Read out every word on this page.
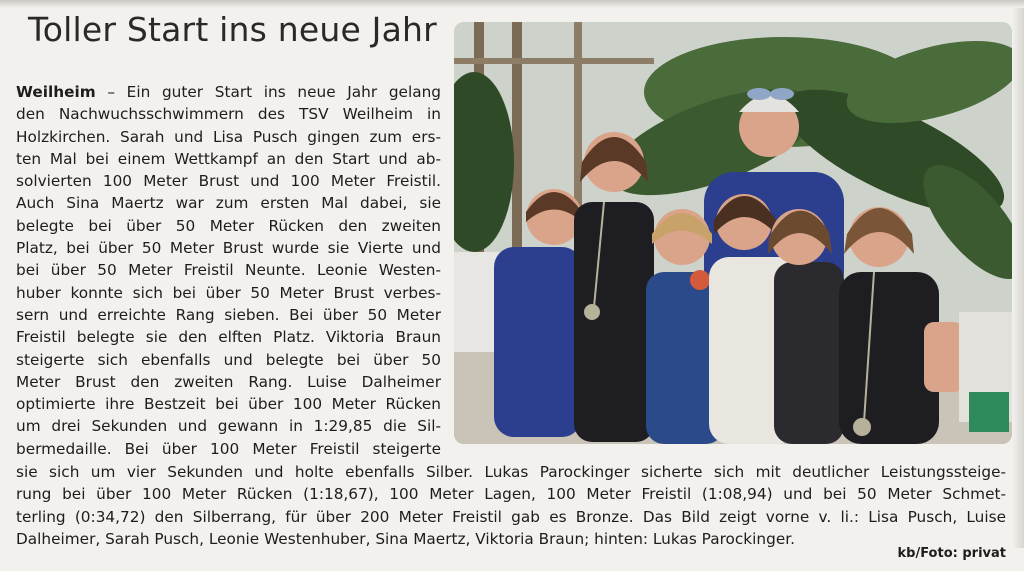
Toller Start ins neue Jahr
Weilheim – Ein guter Start ins neue Jahr gelang
den Nachwuchsschwimmern des TSV Weilheim in
Holzkirchen. Sarah und Lisa Pusch gingen zum ers-
ten Mal bei einem Wettkampf an den Start und ab-
solvierten 100 Meter Brust und 100 Meter Freistil.
Auch Sina Maertz war zum ersten Mal dabei, sie
belegte bei über 50 Meter Rücken den zweiten
Platz, bei über 50 Meter Brust wurde sie Vierte und
bei über 50 Meter Freistil Neunte. Leonie Westen-
huber konnte sich bei über 50 Meter Brust verbes-
sern und erreichte Rang sieben. Bei über 50 Meter
Freistil belegte sie den elften Platz. Viktoria Braun
steigerte sich ebenfalls und belegte bei über 50
Meter Brust den zweiten Rang. Luise Dalheimer
optimierte ihre Bestzeit bei über 100 Meter Rücken
um drei Sekunden und gewann in 1:29,85 die Sil-
bermedaille. Bei über 100 Meter Freistil steigerte
sie sich um vier Sekunden und holte ebenfalls Silber. Lukas Parockinger sicherte sich mit deutlicher Leistungssteige-
rung bei über 100 Meter Rücken (1:18,67), 100 Meter Lagen, 100 Meter Freistil (1:08,94) und bei 50 Meter Schmet-
terling (0:34,72) den Silberrang, für über 200 Meter Freistil gab es Bronze. Das Bild zeigt vorne v. li.: Lisa Pusch, Luise
Dalheimer, Sarah Pusch, Leonie Westenhuber, Sina Maertz, Viktoria Braun; hinten: Lukas Parockinger.
kb/Foto: privat
